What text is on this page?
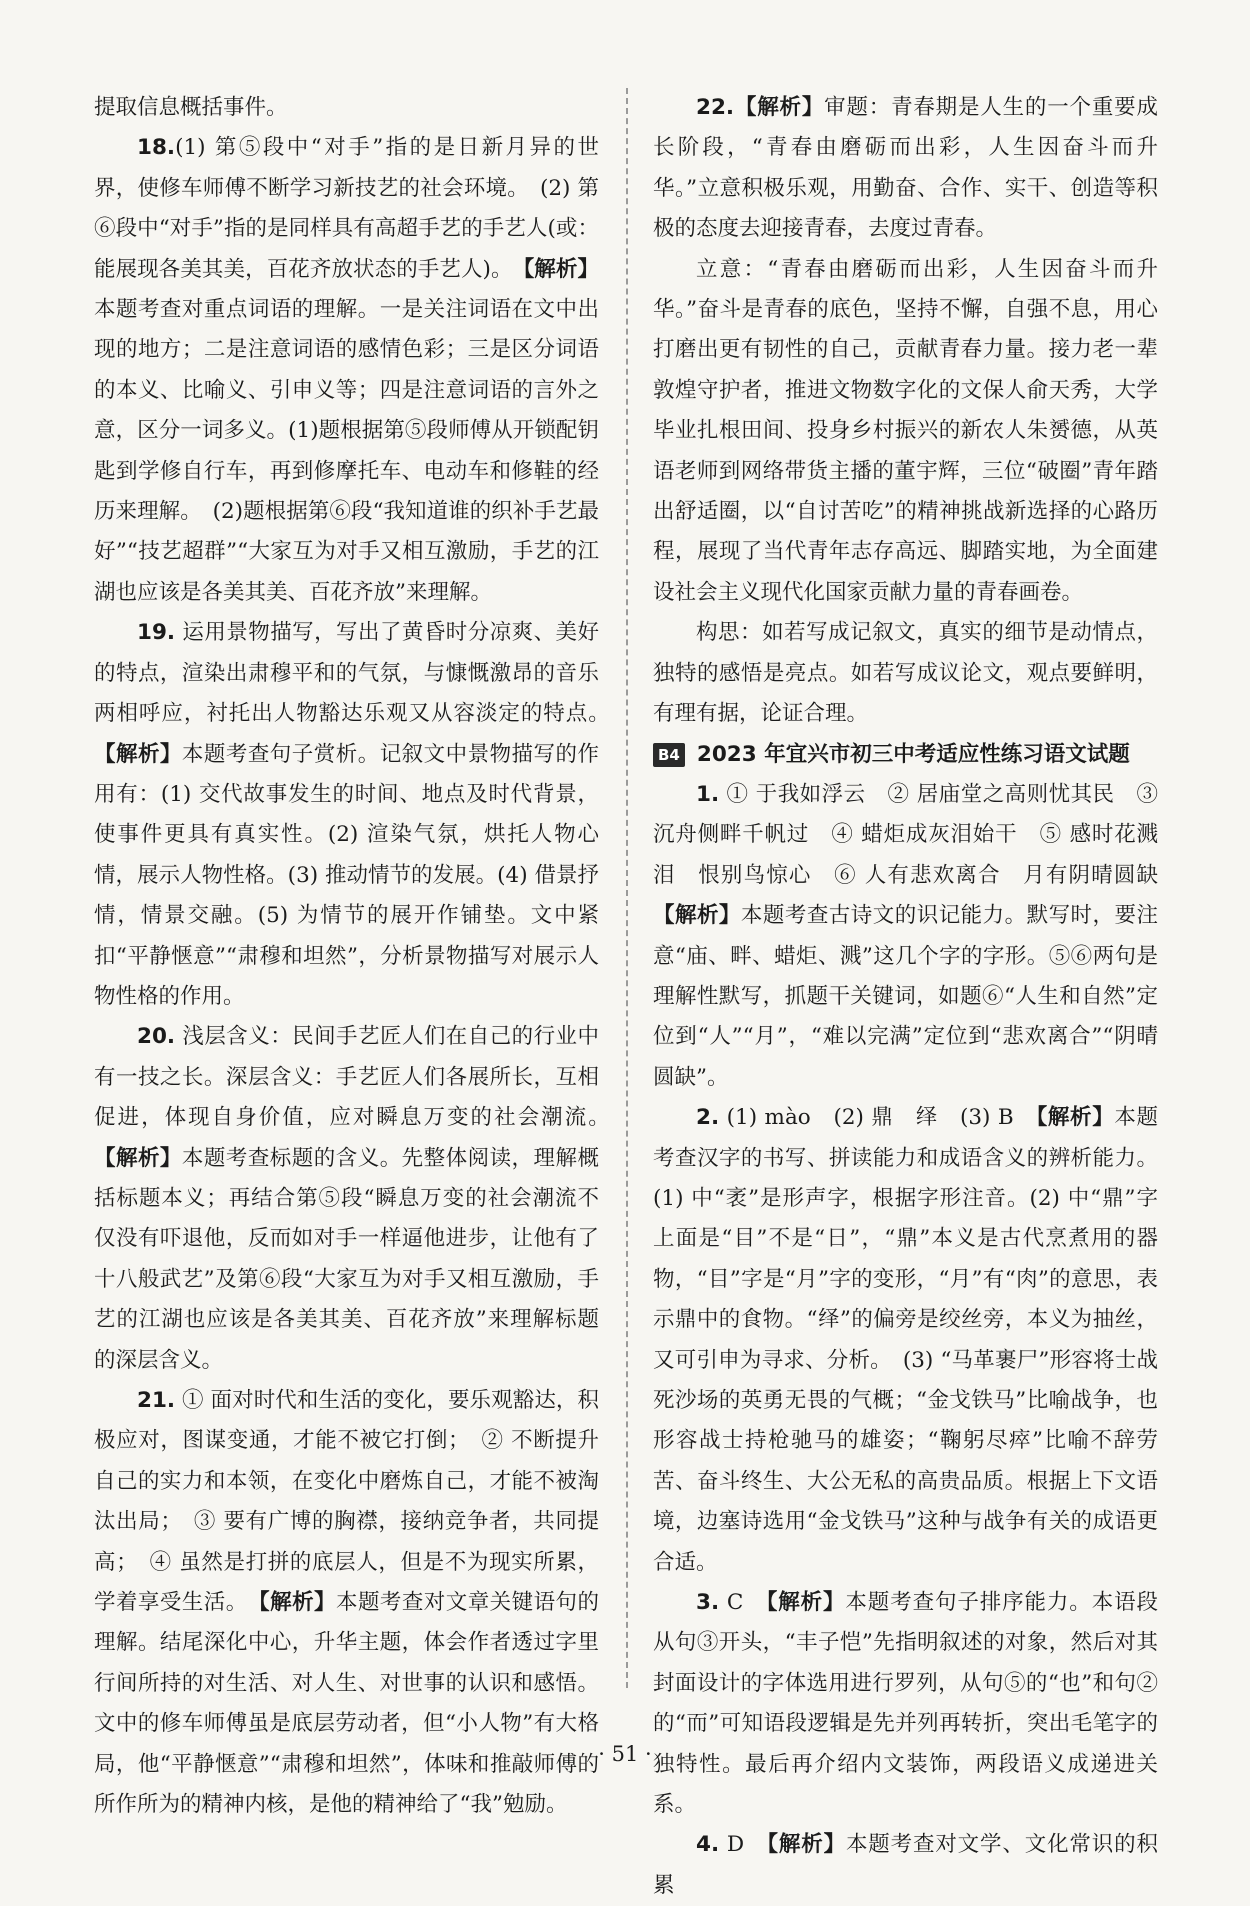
提取信息概括事件。

18.(1) 第⑤段中“对手”指的是日新月异的世界，使修车师傅不断学习新技艺的社会环境。　(2) 第⑥段中“对手”指的是同样具有高超手艺的手艺人(或：能展现各美其美，百花齐放状态的手艺人)。　 【解析】本题考查对重点词语的理解。一是关注词语在文中出现的地方；二是注意词语的感情色彩；三是区分词语的本义、比喻义、引申义等；四是注意词语的言外之意，区分一词多义。(1)题根据第⑤段师傅从开锁配钥匙到学修自行车，再到修摩托车、电动车和修鞋的经历来理解。　(2)题根据第⑥段“我知道谁的织补手艺最好”“技艺超群”“大家互为对手又相互激励，手艺的江湖也应该是各美其美、百花齐放”来理解。

19. 运用景物描写，写出了黄昏时分凉爽、美好的特点，渲染出肃穆平和的气氛，与慷慨激昂的音乐两相呼应，衬托出人物豁达乐观又从容淡定的特点。　【解析】本题考查句子赏析。记叙文中景物描写的作用有：(1) 交代故事发生的时间、地点及时代背景，使事件更具有真实性。(2) 渲染气氛，烘托人物心情，展示人物性格。(3) 推动情节的发展。(4) 借景抒情，情景交融。(5) 为情节的展开作铺垫。文中紧扣“平静惬意”“肃穆和坦然”，分析景物描写对展示人物性格的作用。

20. 浅层含义：民间手艺匠人们在自己的行业中有一技之长。深层含义：手艺匠人们各展所长，互相促进，体现自身价值，应对瞬息万变的社会潮流。　【解析】本题考查标题的含义。先整体阅读，理解概括标题本义；再结合第⑤段“瞬息万变的社会潮流不仅没有吓退他，反而如对手一样逼他进步，让他有了十八般武艺”及第⑥段“大家互为对手又相互激励，手艺的江湖也应该是各美其美、百花齐放”来理解标题的深层含义。

21. ① 面对时代和生活的变化，要乐观豁达，积极应对，图谋变通，才能不被它打倒；　② 不断提升自己的实力和本领，在变化中磨炼自己，才能不被淘汰出局；　③ 要有广博的胸襟，接纳竞争者，共同提高；　④ 虽然是打拼的底层人，但是不为现实所累，学着享受生活。　 【解析】本题考查对文章关键语句的理解。结尾深化中心，升华主题，体会作者透过字里行间所持的对生活、对人生、对世事的认识和感悟。文中的修车师傅虽是底层劳动者，但“小人物”有大格局，他“平静惬意”“肃穆和坦然”，体味和推敲师傅的所作所为的精神内核，是他的精神给了“我”勉励。

22.【解析】审题：青春期是人生的一个重要成长阶段，“青春由磨砺而出彩，人生因奋斗而升华。”立意积极乐观，用勤奋、合作、实干、创造等积极的态度去迎接青春，去度过青春。

立意：“青春由磨砺而出彩，人生因奋斗而升华。”奋斗是青春的底色，坚持不懈，自强不息，用心打磨出更有韧性的自己，贡献青春力量。接力老一辈敦煌守护者，推进文物数字化的文保人俞天秀，大学毕业扎根田间、投身乡村振兴的新农人朱赟德，从英语老师到网络带货主播的董宇辉，三位“破圈”青年踏出舒适圈，以“自讨苦吃”的精神挑战新选择的心路历程，展现了当代青年志存高远、脚踏实地，为全面建设社会主义现代化国家贡献力量的青春画卷。

构思：如若写成记叙文，真实的细节是动情点，独特的感悟是亮点。如若写成议论文，观点要鲜明，有理有据，论证合理。

B4 2023 年宜兴市初三中考适应性练习语文试题

1. ① 于我如浮云　② 居庙堂之高则忧其民　③ 沉舟侧畔千帆过　④ 蜡炬成灰泪始干　⑤ 感时花溅泪　恨别鸟惊心　⑥ 人有悲欢离合　月有阴晴圆缺 【解析】本题考查古诗文的识记能力。默写时，要注意“庙、畔、蜡炬、溅”这几个字的字形。⑤⑥两句是理解性默写，抓题干关键词，如题⑥“人生和自然”定位到“人”“月”，“难以完满”定位到“悲欢离合”“阴晴圆缺”。

2. (1) mào　(2) 鼎　绎　(3) B　 【解析】本题考查汉字的书写、拼读能力和成语含义的辨析能力。(1) 中“袤”是形声字，根据字形注音。(2) 中“鼎”字上面是“目”不是“日”，“鼎”本义是古代烹煮用的器物，“目”字是“月”字的变形，“月”有“肉”的意思，表示鼎中的食物。“绎”的偏旁是绞丝旁，本义为抽丝，又可引申为寻求、分析。　(3) “马革裹尸”形容将士战死沙场的英勇无畏的气概；“金戈铁马”比喻战争，也形容战士持枪驰马的雄姿；“鞠躬尽瘁”比喻不辞劳苦、奋斗终生、大公无私的高贵品质。根据上下文语境，边塞诗选用“金戈铁马”这种与战争有关的成语更合适。

3. C　 【解析】本题考查句子排序能力。本语段从句③开头，“丰子恺”先指明叙述的对象，然后对其封面设计的字体选用进行罗列，从句⑤的“也”和句②的“而”可知语段逻辑是先并列再转折，突出毛笔字的独特性。最后再介绍内文装饰，两段语义成递进关系。

4. D　 【解析】本题考查对文学、文化常识的积累

· 51 ·
